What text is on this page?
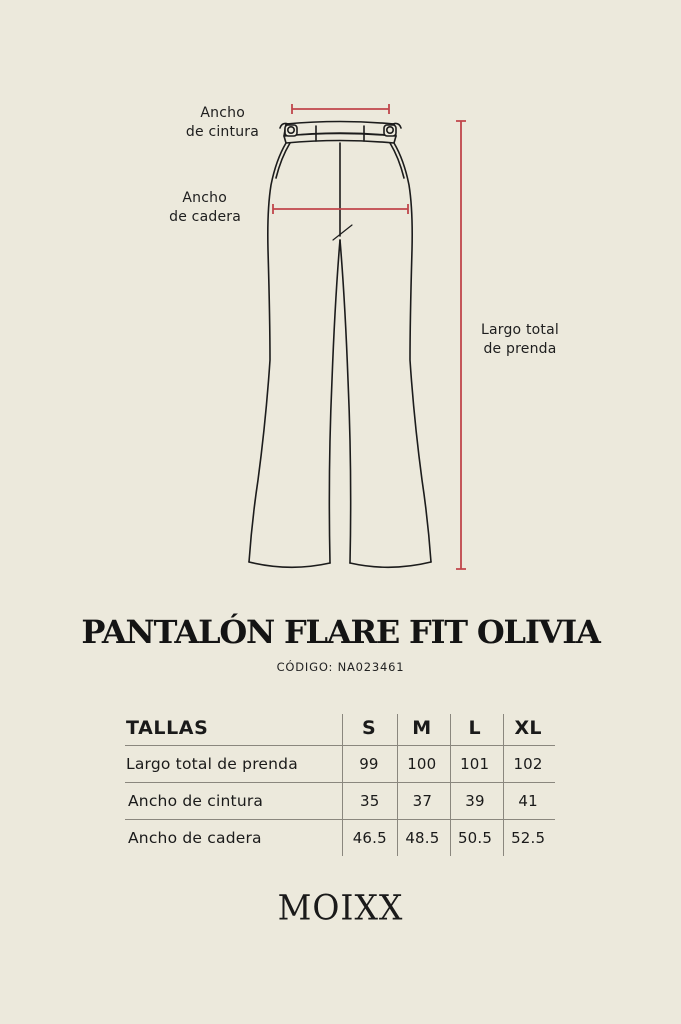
Ancho
de cintura
Ancho
de cadera
Largo total
de prenda
PANTALÓN FLARE FIT OLIVIA
CÓDIGO: NA023461
TALLAS	S	M	L	XL
Largo total de prenda	99	100	101	102
Ancho de cintura	35	37	39	41
Ancho de cadera	46.5	48.5	50.5	52.5
MOIXX
